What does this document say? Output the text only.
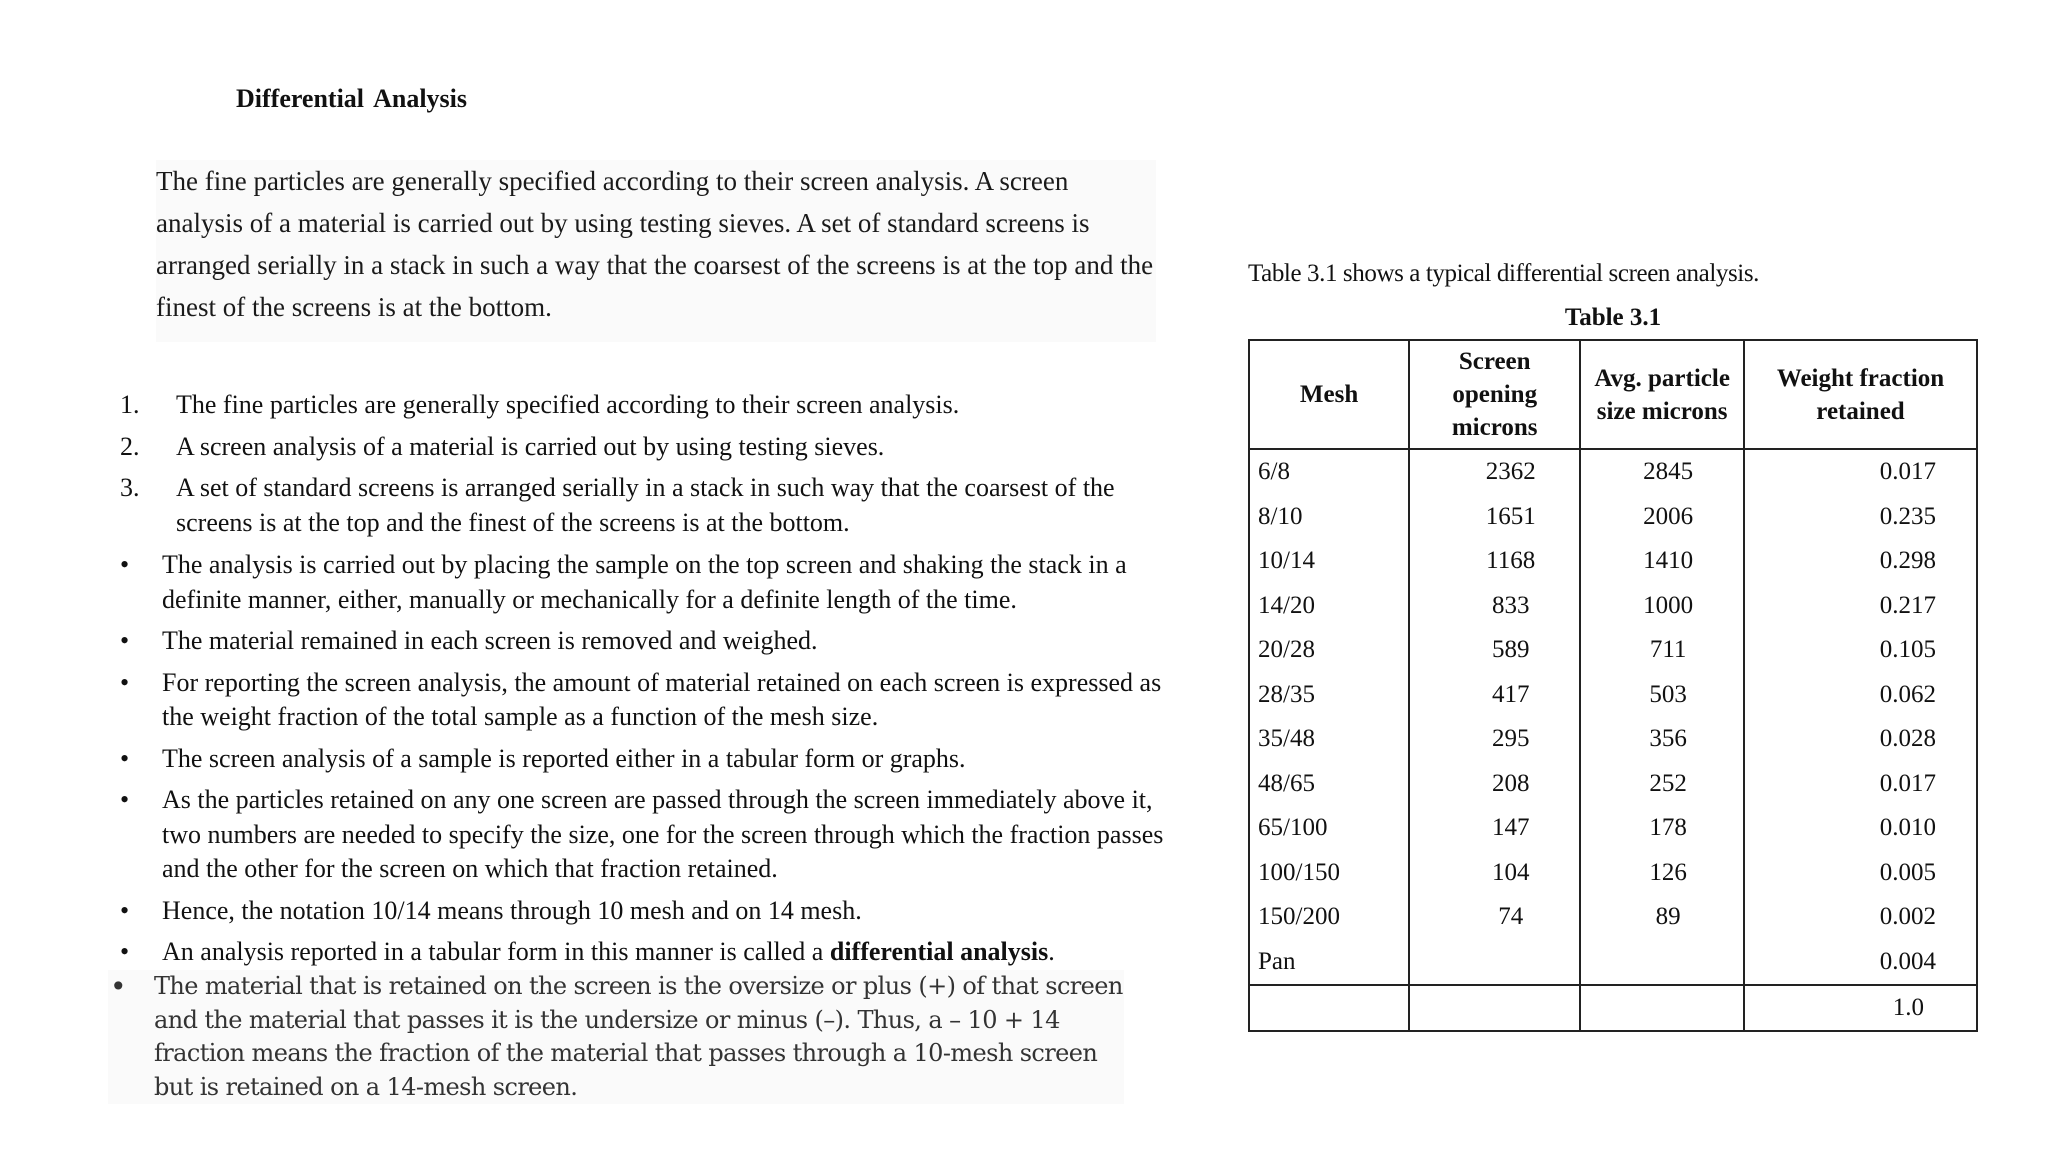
Differential Analysis

The fine particles are generally specified according to their screen analysis. A screen analysis of a material is carried out by using testing sieves. A set of standard screens is arranged serially in a stack in such a way that the coarsest of the screens is at the top and the finest of the screens is at the bottom.

1. The fine particles are generally specified according to their screen analysis.
2. A screen analysis of a material is carried out by using testing sieves.
3. A set of standard screens is arranged serially in a stack in such way that the coarsest of the screens is at the top and the finest of the screens is at the bottom.
• The analysis is carried out by placing the sample on the top screen and shaking the stack in a definite manner, either, manually or mechanically for a definite length of the time.
• The material remained in each screen is removed and weighed.
• For reporting the screen analysis, the amount of material retained on each screen is expressed as the weight fraction of the total sample as a function of the mesh size.
• The screen analysis of a sample is reported either in a tabular form or graphs.
• As the particles retained on any one screen are passed through the screen immediately above it, two numbers are needed to specify the size, one for the screen through which the fraction passes and the other for the screen on which that fraction retained.
• Hence, the notation 10/14 means through 10 mesh and on 14 mesh.
• An analysis reported in a tabular form in this manner is called a differential analysis.

• The material that is retained on the screen is the oversize or plus (+) of that screen and the material that passes it is the undersize or minus (–). Thus, a – 10 + 14 fraction means the fraction of the material that passes through a 10-mesh screen but is retained on a 14-mesh screen.

Table 3.1 shows a typical differential screen analysis.

Table 3.1

Mesh	Screen opening microns	Avg. particle size microns	Weight fraction retained
6/8	2362	2845	0.017
8/10	1651	2006	0.235
10/14	1168	1410	0.298
14/20	833	1000	0.217
20/28	589	711	0.105
28/35	417	503	0.062
35/48	295	356	0.028
48/65	208	252	0.017
65/100	147	178	0.010
100/150	104	126	0.005
150/200	74	89	0.002
Pan			0.004
			1.0
